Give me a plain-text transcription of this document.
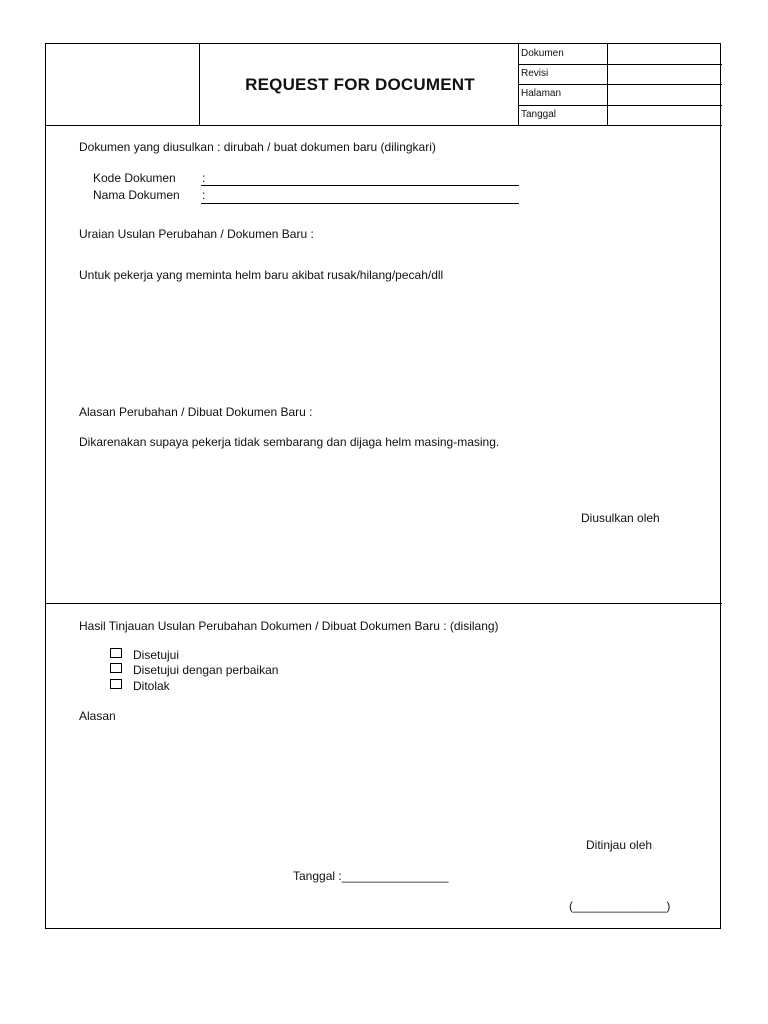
REQUEST FOR DOCUMENT
Dokumen
Revisi
Halaman
Tanggal
Dokumen yang diusulkan : dirubah / buat dokumen baru (dilingkari)
Kode Dokumen :
Nama Dokumen :
Uraian Usulan Perubahan / Dokumen Baru :
Untuk pekerja yang meminta helm baru akibat rusak/hilang/pecah/dll
Alasan Perubahan / Dibuat Dokumen Baru :
Dikarenakan supaya pekerja tidak sembarang dan dijaga helm masing-masing.
Diusulkan oleh
Hasil Tinjauan Usulan Perubahan Dokumen / Dibuat Dokumen Baru : (disilang)
Disetujui
Disetujui dengan perbaikan
Ditolak
Alasan
Ditinjau oleh
Tanggal :________________
(______________)
